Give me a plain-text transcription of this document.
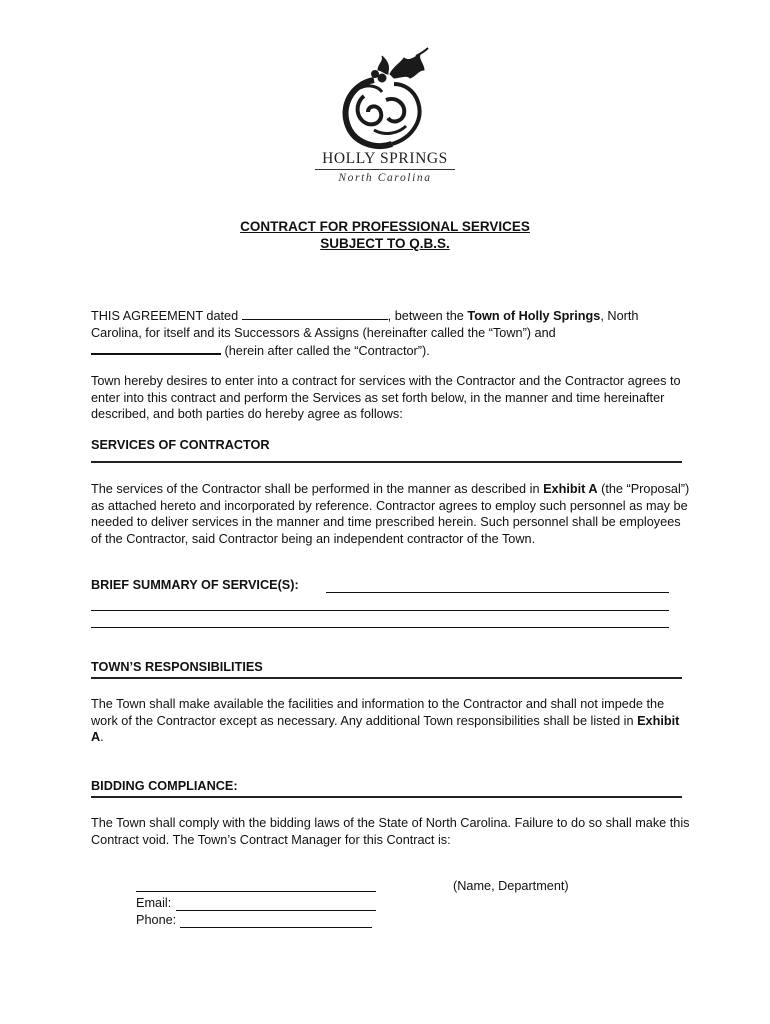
HOLLY SPRINGS
North Carolina
CONTRACT FOR PROFESSIONAL SERVICES
SUBJECT TO Q.B.S.
THIS AGREEMENT dated	, between the Town of Holly Springs, North
Carolina, for itself and its Successors & Assigns (hereinafter called the “Town”) and
(herein after called the “Contractor”).

Town hereby desires to enter into a contract for services with the Contractor and the Contractor agrees to enter into this contract and perform the Services as set forth below, in the manner and time hereinafter described, and both parties do hereby agree as follows:

SERVICES OF CONTRACTOR
The services of the Contractor shall be performed in the manner as described in Exhibit A (the “Proposal”) as attached hereto and incorporated by reference. Contractor agrees to employ such personnel as may be needed to deliver services in the manner and time prescribed herein. Such personnel shall be employees of the Contractor, said Contractor being an independent contractor of the Town.
BRIEF SUMMARY OF SERVICE(S):
TOWN’S RESPONSIBILITIES
The Town shall make available the facilities and information to the Contractor and shall not impede the work of the Contractor except as necessary. Any additional Town responsibilities shall be listed in Exhibit A.
BIDDING COMPLIANCE:

The Town shall comply with the bidding laws of the State of North Carolina. Failure to do so shall make this Contract void. The Town’s Contract Manager for this Contract is:

(Name, Department)
Email:
Phone:
